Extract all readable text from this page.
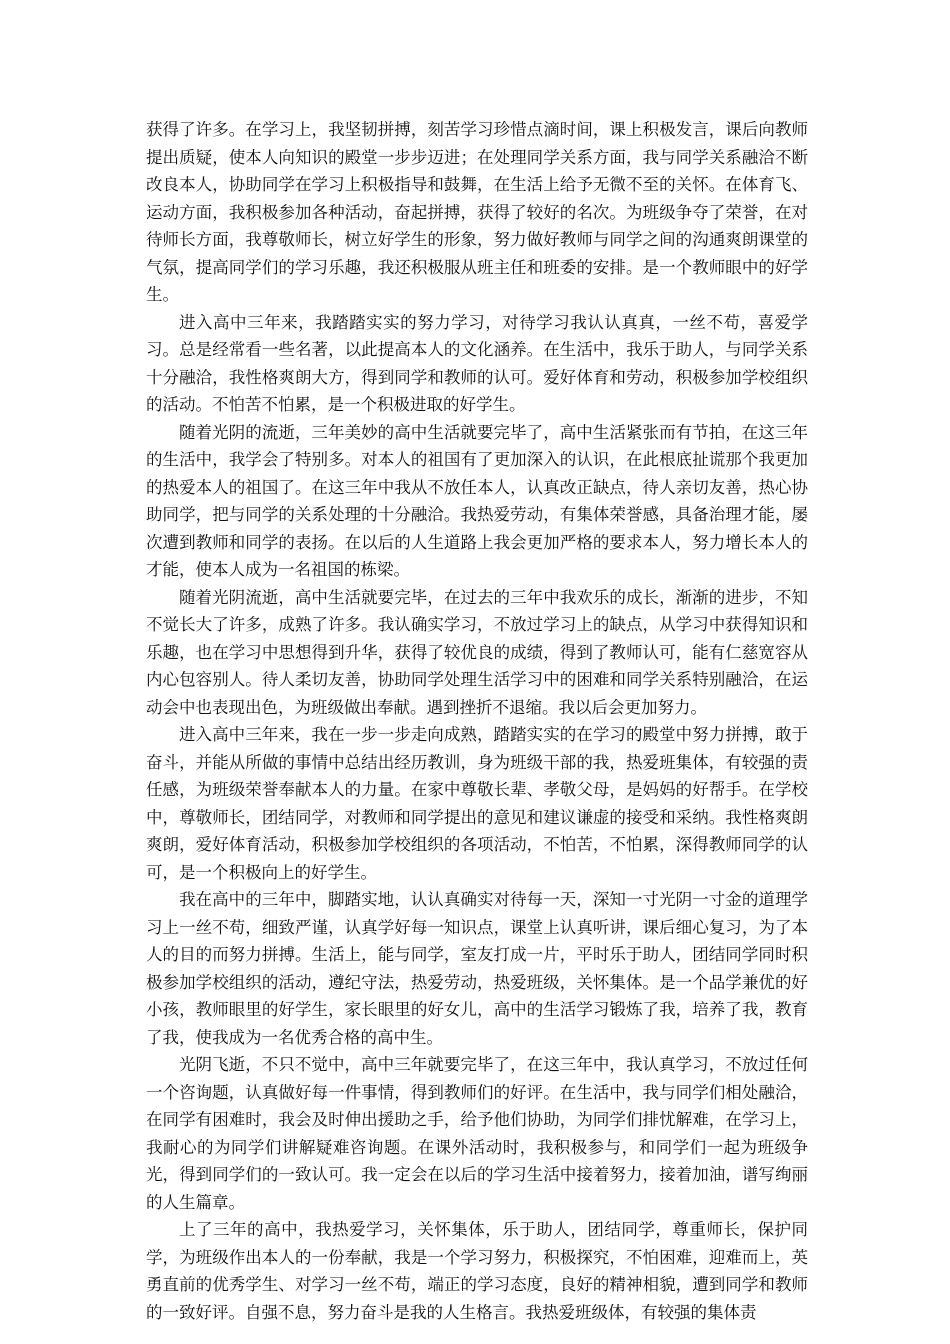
获得了许多。在学习上，我坚韧拼搏，刻苦学习珍惜点滴时间，课上积极发言，课后向教师提出质疑，使本人向知识的殿堂一步步迈进；在处理同学关系方面，我与同学关系融洽不断改良本人，协助同学在学习上积极指导和鼓舞，在生活上给予无微不至的关怀。在体育飞、运动方面，我积极参加各种活动，奋起拼搏，获得了较好的名次。为班级争夺了荣誉，在对待师长方面，我尊敬师长，树立好学生的形象，努力做好教师与同学之间的沟通爽朗课堂的气氛，提高同学们的学习乐趣，我还积极服从班主任和班委的安排。是一个教师眼中的好学生。

进入高中三年来，我踏踏实实的努力学习，对待学习我认认真真，一丝不苟，喜爱学习。总是经常看一些名著，以此提高本人的文化涵养。在生活中，我乐于助人，与同学关系十分融洽，我性格爽朗大方，得到同学和教师的认可。爱好体育和劳动，积极参加学校组织的活动。不怕苦不怕累，是一个积极进取的好学生。

随着光阴的流逝，三年美妙的高中生活就要完毕了，高中生活紧张而有节拍，在这三年的生活中，我学会了特别多。对本人的祖国有了更加深入的认识，在此根底扯谎那个我更加的热爱本人的祖国了。在这三年中我从不放任本人，认真改正缺点，待人亲切友善，热心协助同学，把与同学的关系处理的十分融洽。我热爱劳动，有集体荣誉感，具备治理才能，屡次遭到教师和同学的表扬。在以后的人生道路上我会更加严格的要求本人，努力增长本人的才能，使本人成为一名祖国的栋梁。

随着光阴流逝，高中生活就要完毕，在过去的三年中我欢乐的成长，渐渐的进步，不知不觉长大了许多，成熟了许多。我认确实学习，不放过学习上的缺点，从学习中获得知识和乐趣，也在学习中思想得到升华，获得了较优良的成绩，得到了教师认可，能有仁慈宽容从内心包容别人。待人柔切友善，协助同学处理生活学习中的困难和同学关系特别融洽，在运动会中也表现出色，为班级做出奉献。遇到挫折不退缩。我以后会更加努力。

进入高中三年来，我在一步一步走向成熟，踏踏实实的在学习的殿堂中努力拼搏，敢于奋斗，并能从所做的事情中总结出经历教训，身为班级干部的我，热爱班集体，有较强的责任感，为班级荣誉奉献本人的力量。在家中尊敬长辈、孝敬父母，是妈妈的好帮手。在学校中，尊敬师长，团结同学，对教师和同学提出的意见和建议谦虚的接受和采纳。我性格爽朗爽朗，爱好体育活动，积极参加学校组织的各项活动，不怕苦，不怕累，深得教师同学的认可，是一个积极向上的好学生。

我在高中的三年中，脚踏实地，认认真确实对待每一天，深知一寸光阴一寸金的道理学习上一丝不苟，细致严谨，认真学好每一知识点，课堂上认真听讲，课后细心复习，为了本人的目的而努力拼搏。生活上，能与同学，室友打成一片，平时乐于助人，团结同学同时积极参加学校组织的活动，遵纪守法，热爱劳动，热爱班级，关怀集体。是一个品学兼优的好小孩，教师眼里的好学生，家长眼里的好女儿，高中的生活学习锻炼了我，培养了我，教育了我，使我成为一名优秀合格的高中生。

光阴飞逝，不只不觉中，高中三年就要完毕了，在这三年中，我认真学习，不放过任何一个咨询题，认真做好每一件事情，得到教师们的好评。在生活中，我与同学们相处融洽，在同学有困难时，我会及时伸出援助之手，给予他们协助，为同学们排忧解难，在学习上，我耐心的为同学们讲解疑难咨询题。在课外活动时，我积极参与，和同学们一起为班级争光，得到同学们的一致认可。我一定会在以后的学习生活中接着努力，接着加油，谱写绚丽的人生篇章。

上了三年的高中，我热爱学习，关怀集体，乐于助人，团结同学，尊重师长，保护同学，为班级作出本人的一份奉献，我是一个学习努力，积极探究，不怕困难，迎难而上，英勇直前的优秀学生、对学习一丝不苟，端正的学习态度，良好的精神相貌，遭到同学和教师的一致好评。自强不息，努力奋斗是我的人生格言。我热爱班级体，有较强的集体责
